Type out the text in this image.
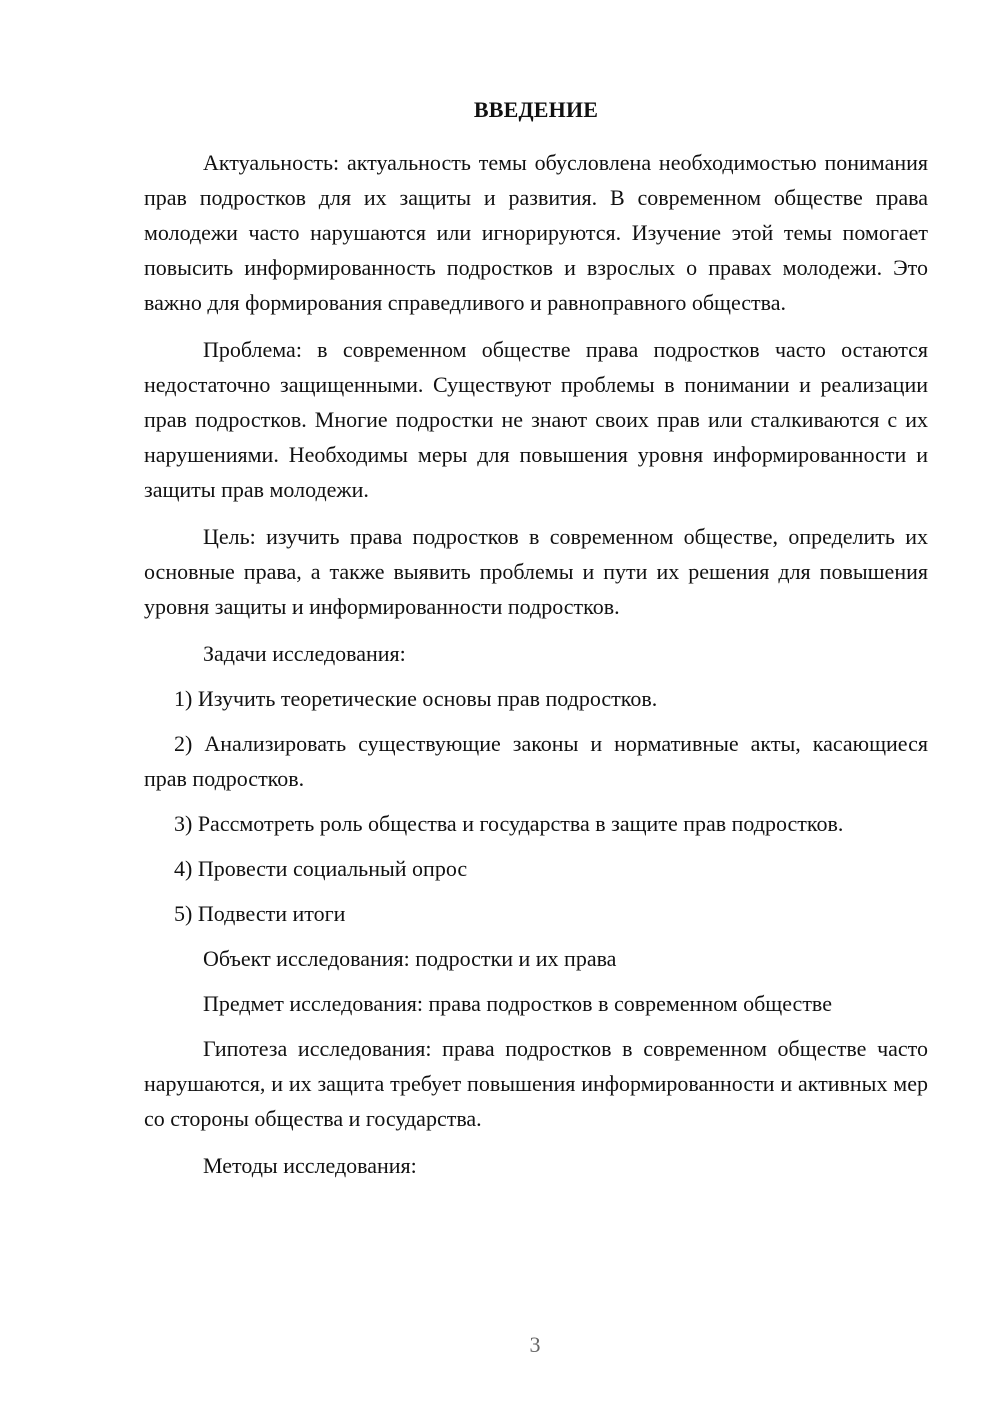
ВВЕДЕНИЕ

Актуальность: актуальность темы обусловлена необходимостью понимания прав подростков для их защиты и развития. В современном обществе права молодежи часто нарушаются или игнорируются. Изучение этой темы помогает повысить информированность подростков и взрослых о правах молодежи. Это важно для формирования справедливого и равноправного общества.

Проблема: в современном обществе права подростков часто остаются недостаточно защищенными. Существуют проблемы в понимании и реализации прав подростков. Многие подростки не знают своих прав или сталкиваются с их нарушениями. Необходимы меры для повышения уровня информированности и защиты прав молодежи.

Цель: изучить права подростков в современном обществе, определить их основные права, а также выявить проблемы и пути их решения для повышения уровня защиты и информированности подростков.

Задачи исследования:

1) Изучить теоретические основы прав подростков.

2) Анализировать существующие законы и нормативные акты, касающиеся прав подростков.

3) Рассмотреть роль общества и государства в защите прав подростков.

4) Провести социальный опрос

5) Подвести итоги

Объект исследования: подростки и их права

Предмет исследования: права подростков в современном обществе

Гипотеза исследования: права подростков в современном обществе часто нарушаются, и их защита требует повышения информированности и активных мер со стороны общества и государства.

Методы исследования:

3
